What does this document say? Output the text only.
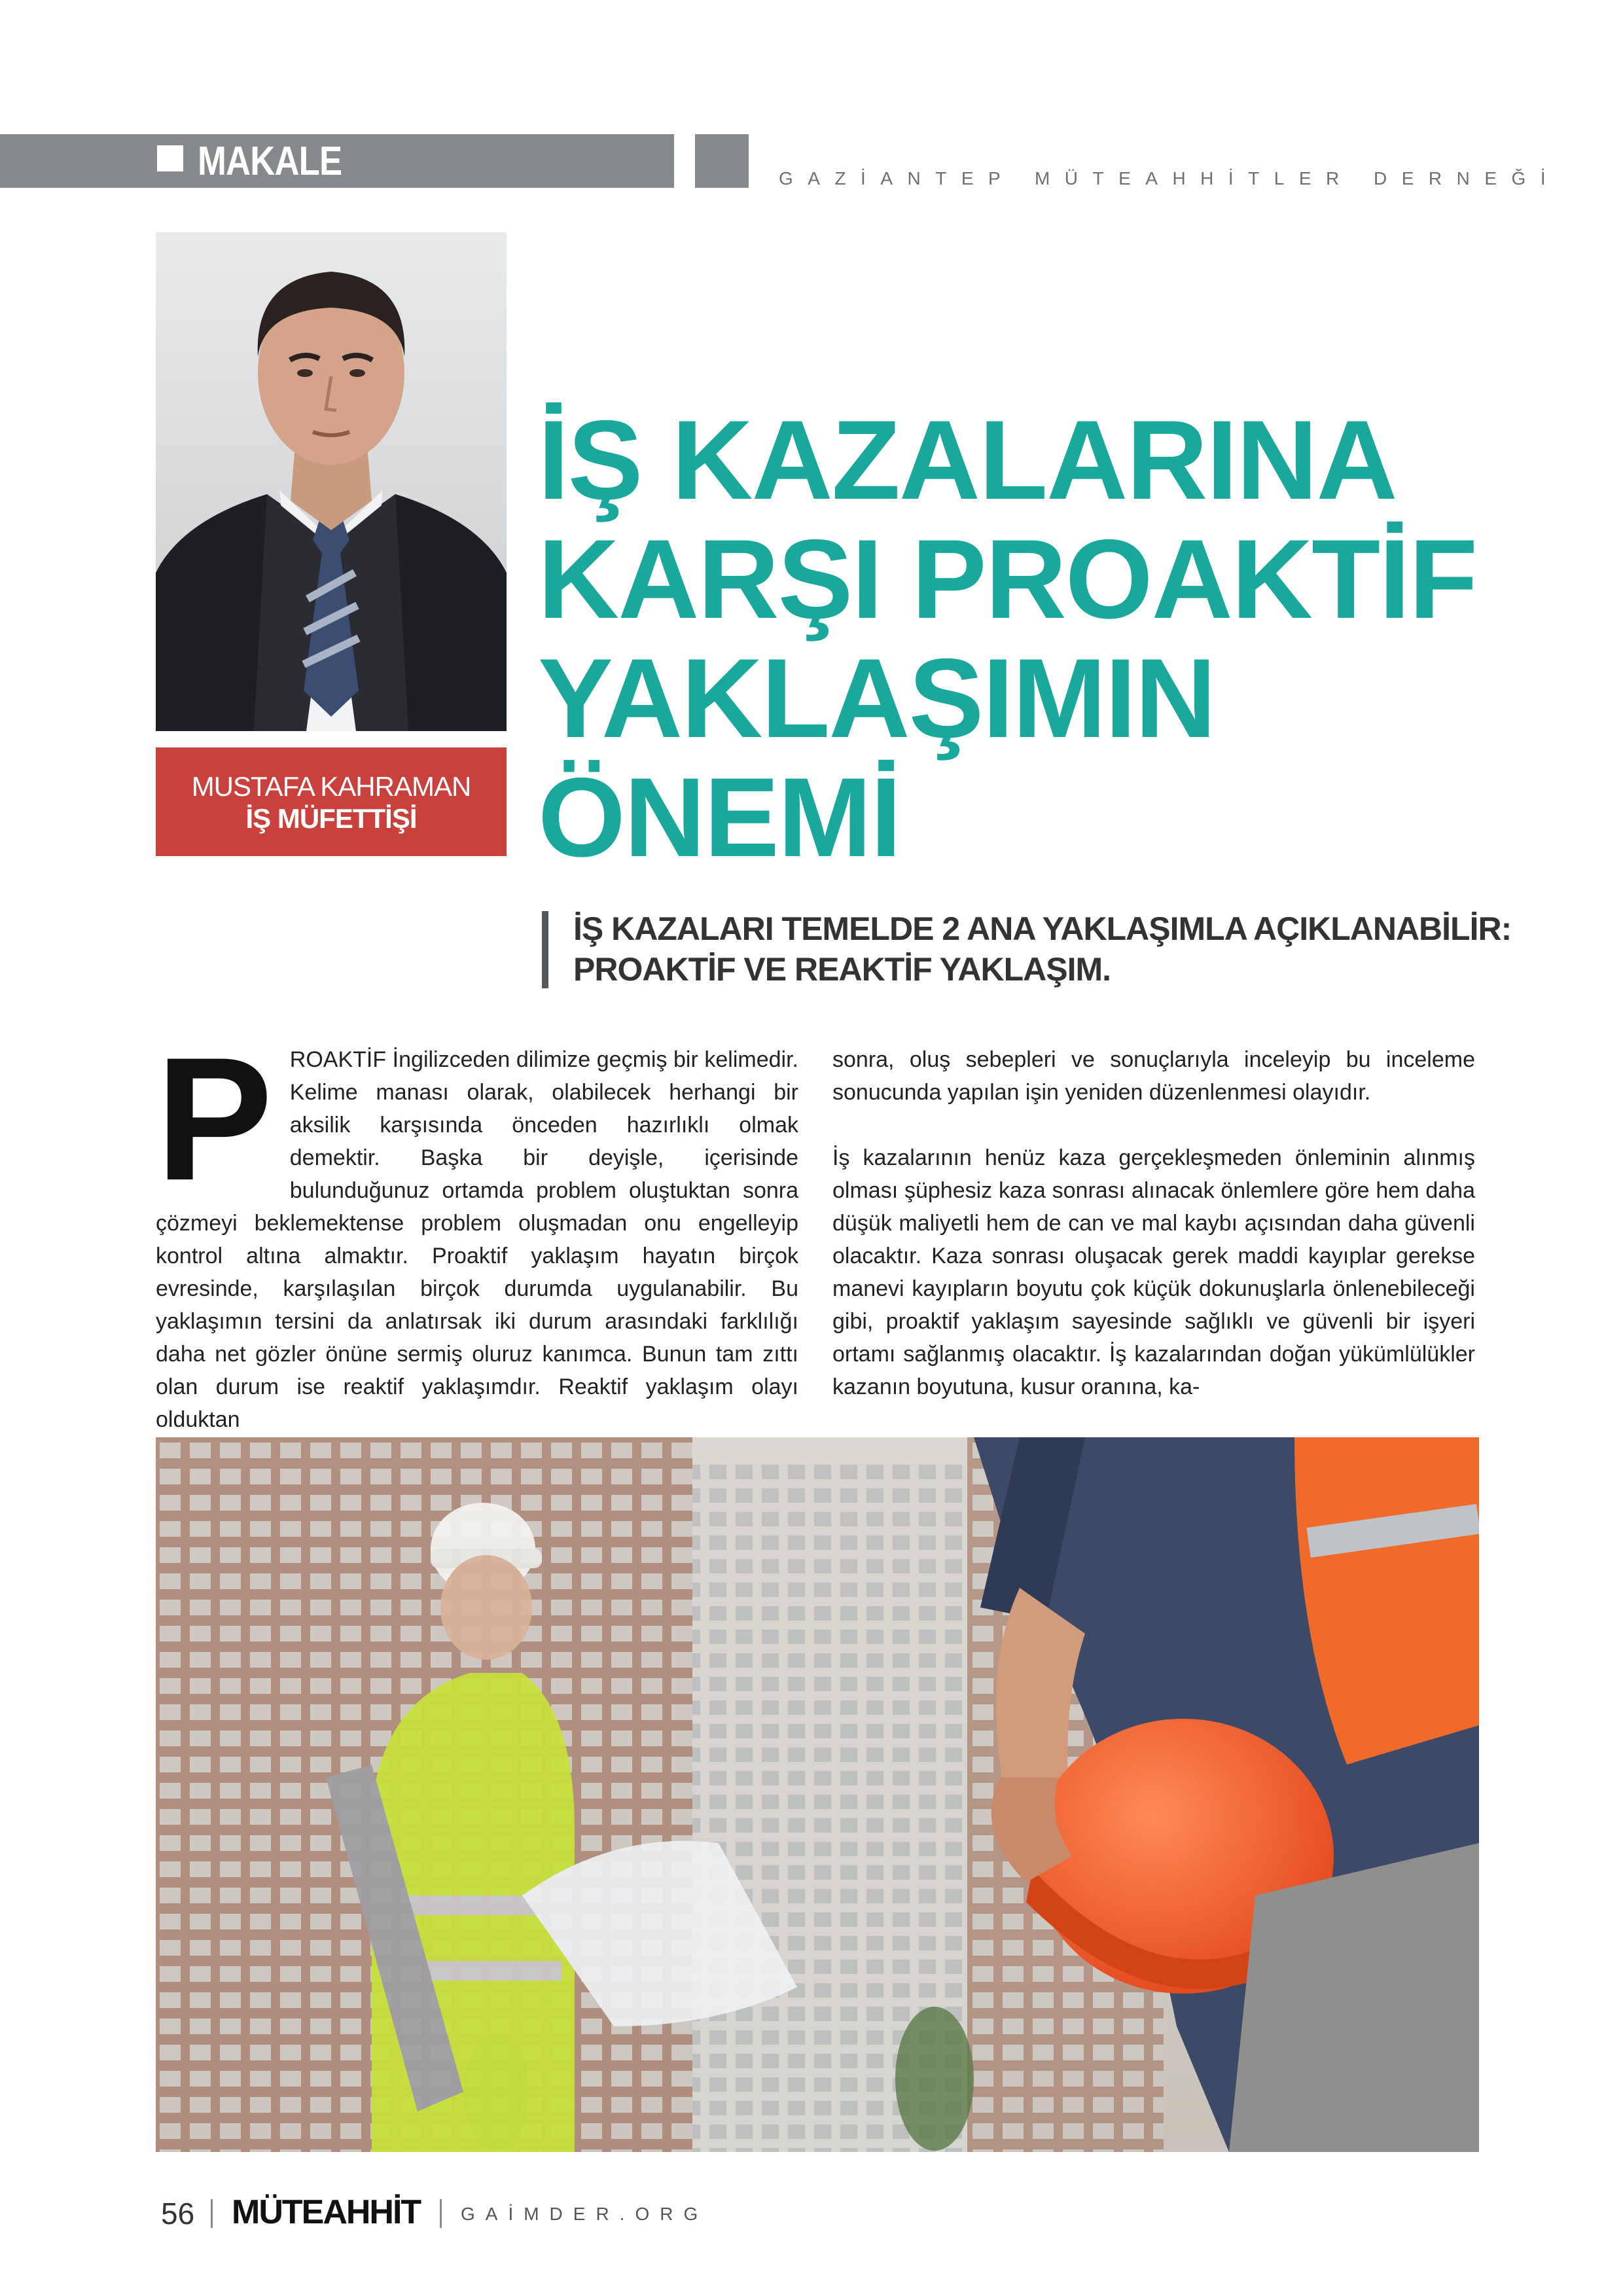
MAKALE	GAZİANTEP MÜTEAHHİTLER DERNEĞİ
MUSTAFA KAHRAMAN
İŞ MÜFETTİŞİ
İŞ KAZALARINA
KARŞI PROAKTİF
YAKLAŞIMIN
ÖNEMİ
İŞ KAZALARI TEMELDE 2 ANA YAKLAŞIMLA AÇIKLANABİLİR:
PROAKTİF VE REAKTİF YAKLAŞIM.
P ROAKTİF İngilizceden dilimize geçmiş bir kelimedir. Kelime manası olarak, olabilecek herhangi bir aksilik karşısında önceden hazırlıklı olmak demektir. Başka bir deyişle, içerisinde bulunduğunuz ortamda problem oluştuktan sonra çözmeyi beklemektense problem oluşmadan onu engelleyip kontrol altına almaktır. Proaktif yaklaşım hayatın birçok evresinde, karşılaşılan birçok durumda uygulanabilir. Bu yaklaşımın tersini da anlatırsak iki durum arasındaki farklılığı daha net gözler önüne sermiş oluruz kanımca. Bunun tam zıttı olan durum ise reaktif yaklaşımdır. Reaktif yaklaşım olayı olduktan

sonra, oluş sebepleri ve sonuçlarıyla inceleyip bu inceleme sonucunda yapılan işin yeniden düzenlenmesi olayıdır.

İş kazalarının henüz kaza gerçekleşmeden önleminin alınmış olması şüphesiz kaza sonrası alınacak önlemlere göre hem daha düşük maliyetli hem de can ve mal kaybı açısından daha güvenli olacaktır. Kaza sonrası oluşacak gerek maddi kayıplar gerekse manevi kayıpların boyutu çok küçük dokunuşlarla önlenebileceği gibi, proaktif yaklaşım sayesinde sağlıklı ve güvenli bir işyeri ortamı sağlanmış olacaktır. İş kazalarından doğan yükümlülükler kazanın boyutuna, kusur oranına, ka-

56 MÜTEAHHİT GAİMDER.ORG
